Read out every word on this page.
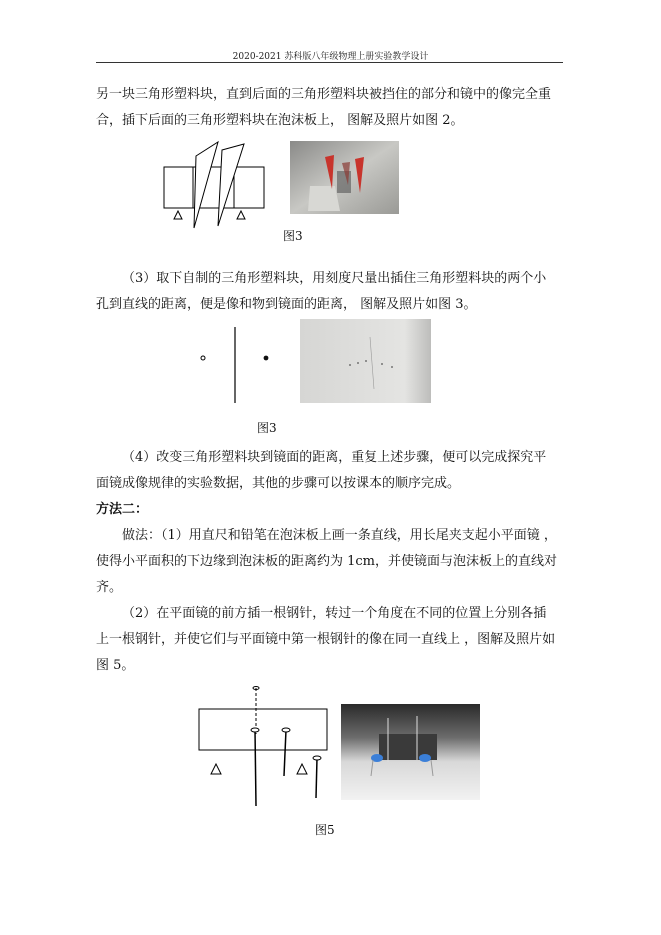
2020-2021 苏科版八年级物理上册实验教学设计

另一块三角形塑料块，直到后面的三角形塑料块被挡住的部分和镜中的像完全重

合，插下后面的三角形塑料块在泡沫板上， 图解及照片如图 2。

图3

（3）取下自制的三角形塑料块，用刻度尺量出插住三角形塑料块的两个小

孔到直线的距离，便是像和物到镜面的距离， 图解及照片如图 3。

图3

（4）改变三角形塑料块到镜面的距离，重复上述步骤，便可以完成探究平

面镜成像规律的实验数据，其他的步骤可以按课本的顺序完成。

方法二：

做法：（1）用直尺和铅笔在泡沫板上画一条直线，用长尾夹支起小平面镜 ，

使得小平面积的下边缘到泡沫板的距离约为 1cm，并使镜面与泡沫板上的直线对

齐。

（2）在平面镜的前方插一根钢针，转过一个角度在不同的位置上分别各插

上一根钢针，并使它们与平面镜中第一根钢针的像在同一直线上 ，图解及照片如

图 5。

图5
